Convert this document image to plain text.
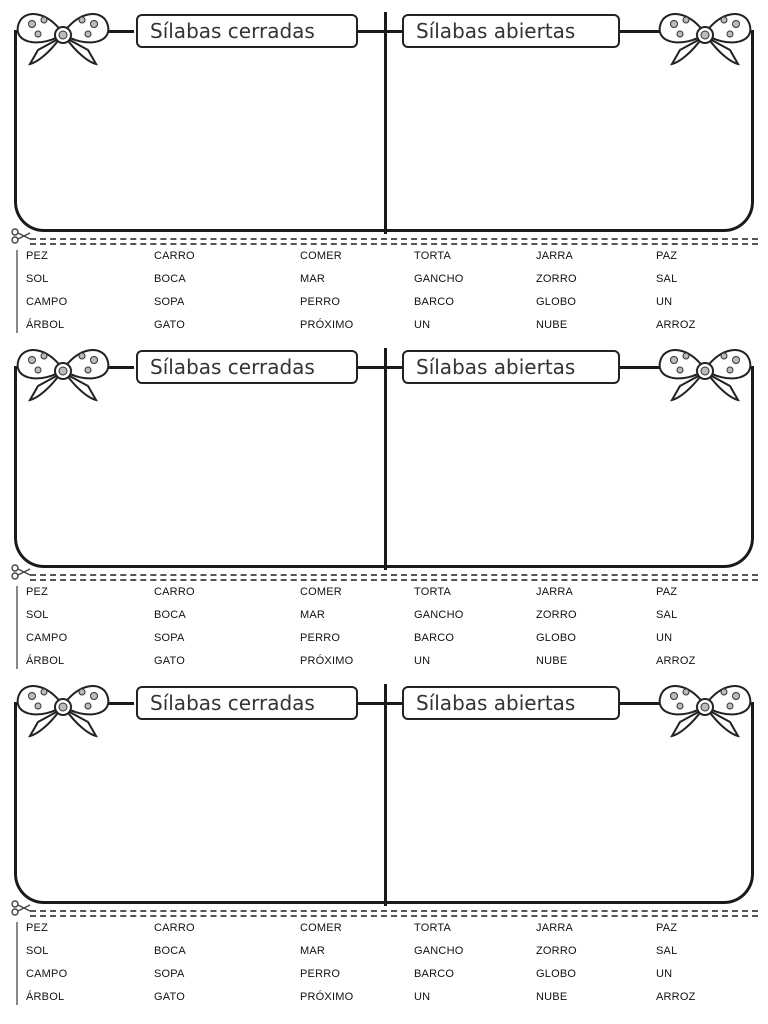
Sílabas cerradas	Sílabas abiertas
PEZ	CARRO	COMER	TORTA	JARRA	PAZ
SOL	BOCA	MAR	GANCHO	ZORRO	SAL
CAMPO	SOPA	PERRO	BARCO	GLOBO	UN
ÁRBOL	GATO	PRÓXIMO	UN	NUBE	ARROZ
Sílabas cerradas	Sílabas abiertas
PEZ	CARRO	COMER	TORTA	JARRA	PAZ
SOL	BOCA	MAR	GANCHO	ZORRO	SAL
CAMPO	SOPA	PERRO	BARCO	GLOBO	UN
ÁRBOL	GATO	PRÓXIMO	UN	NUBE	ARROZ
Sílabas cerradas	Sílabas abiertas
PEZ	CARRO	COMER	TORTA	JARRA	PAZ
SOL	BOCA	MAR	GANCHO	ZORRO	SAL
CAMPO	SOPA	PERRO	BARCO	GLOBO	UN
ÁRBOL	GATO	PRÓXIMO	UN	NUBE	ARROZ
